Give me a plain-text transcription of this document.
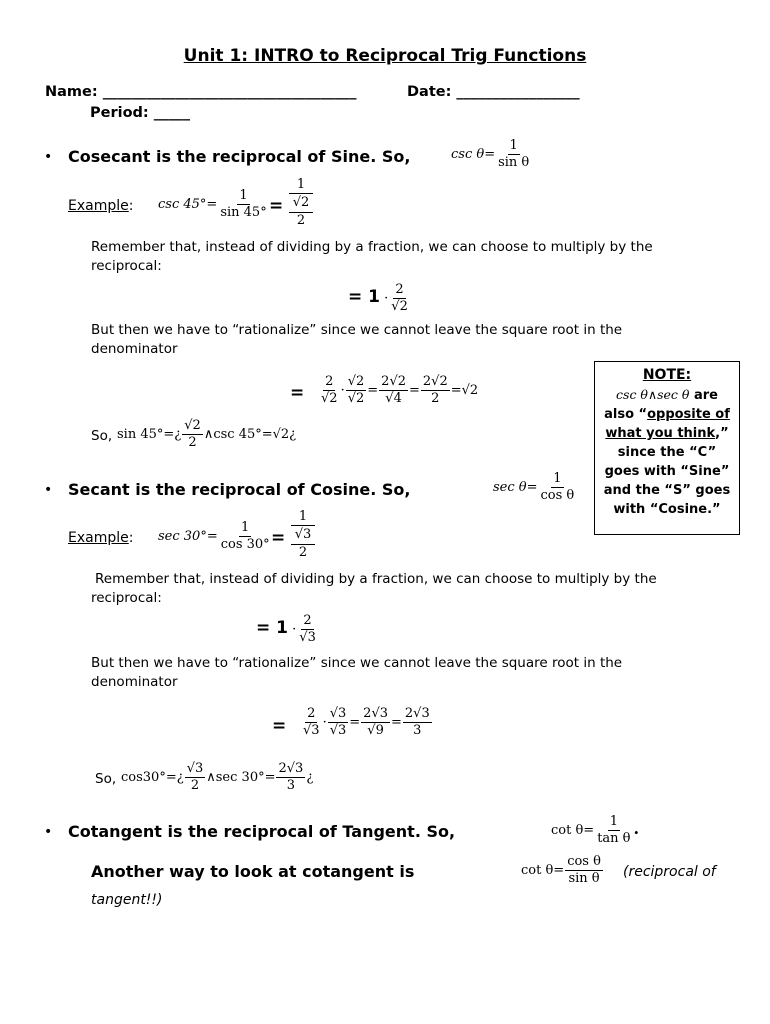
Unit 1: INTRO to Reciprocal Trig Functions
Name: ___________________________________	Date: _________________
Period: _____
• Cosecant is the reciprocal of Sine. So,	$\csc \theta= \frac{1}{\text{sin θ}}$
Example: $\csc 45^\circ= \frac{1}{\sin 45^\circ}$ =
1
√2
2
Remember that, instead of dividing by a fraction, we can choose to multiply by the reciprocal:
= $1 \cdot \frac{2}{√2}$
But then we have to “rationalize” since we cannot leave the square root in the denominator
= $\frac{2}{√2} \cdot \frac{√2}{√2} = \frac{2√2}{√4} = \frac{2√2}{2} =√2$
So, sin 45°=¿ $\frac{√2}{2}$ ∧csc 45°=√2¿
NOTE:
csc θ∧sec θ are also “opposite of what you think,” since the “C” goes with “Sine” and the “S” goes with “Cosine.”
• Secant is the reciprocal of Cosine. So,	$\sec \theta= \frac{1}{\text{cos θ}}$
Example: $\sec 30^\circ= \frac{1}{\cos 30^\circ}$ =
1
√3
2
Remember that, instead of dividing by a fraction, we can choose to multiply by the reciprocal:
= $1 \cdot \frac{2}{√3}$
But then we have to “rationalize” since we cannot leave the square root in the denominator
= $\frac{2}{√3} \cdot \frac{√3}{√3} = \frac{2√3}{√9} = \frac{2√3}{3}$
So, cos30°=¿ $\frac{√3}{2}$ ∧sec $30^\circ= \frac{2√3}{3}$ ¿
• Cotangent is the reciprocal of Tangent. So,	$\cot \theta= \frac{1}{\text{tan θ}}$ .
Another way to look at cotangent is	$\cot \theta= \frac{\text{cos θ}}{\text{sin θ}}$ (reciprocal of
tangent!!)
